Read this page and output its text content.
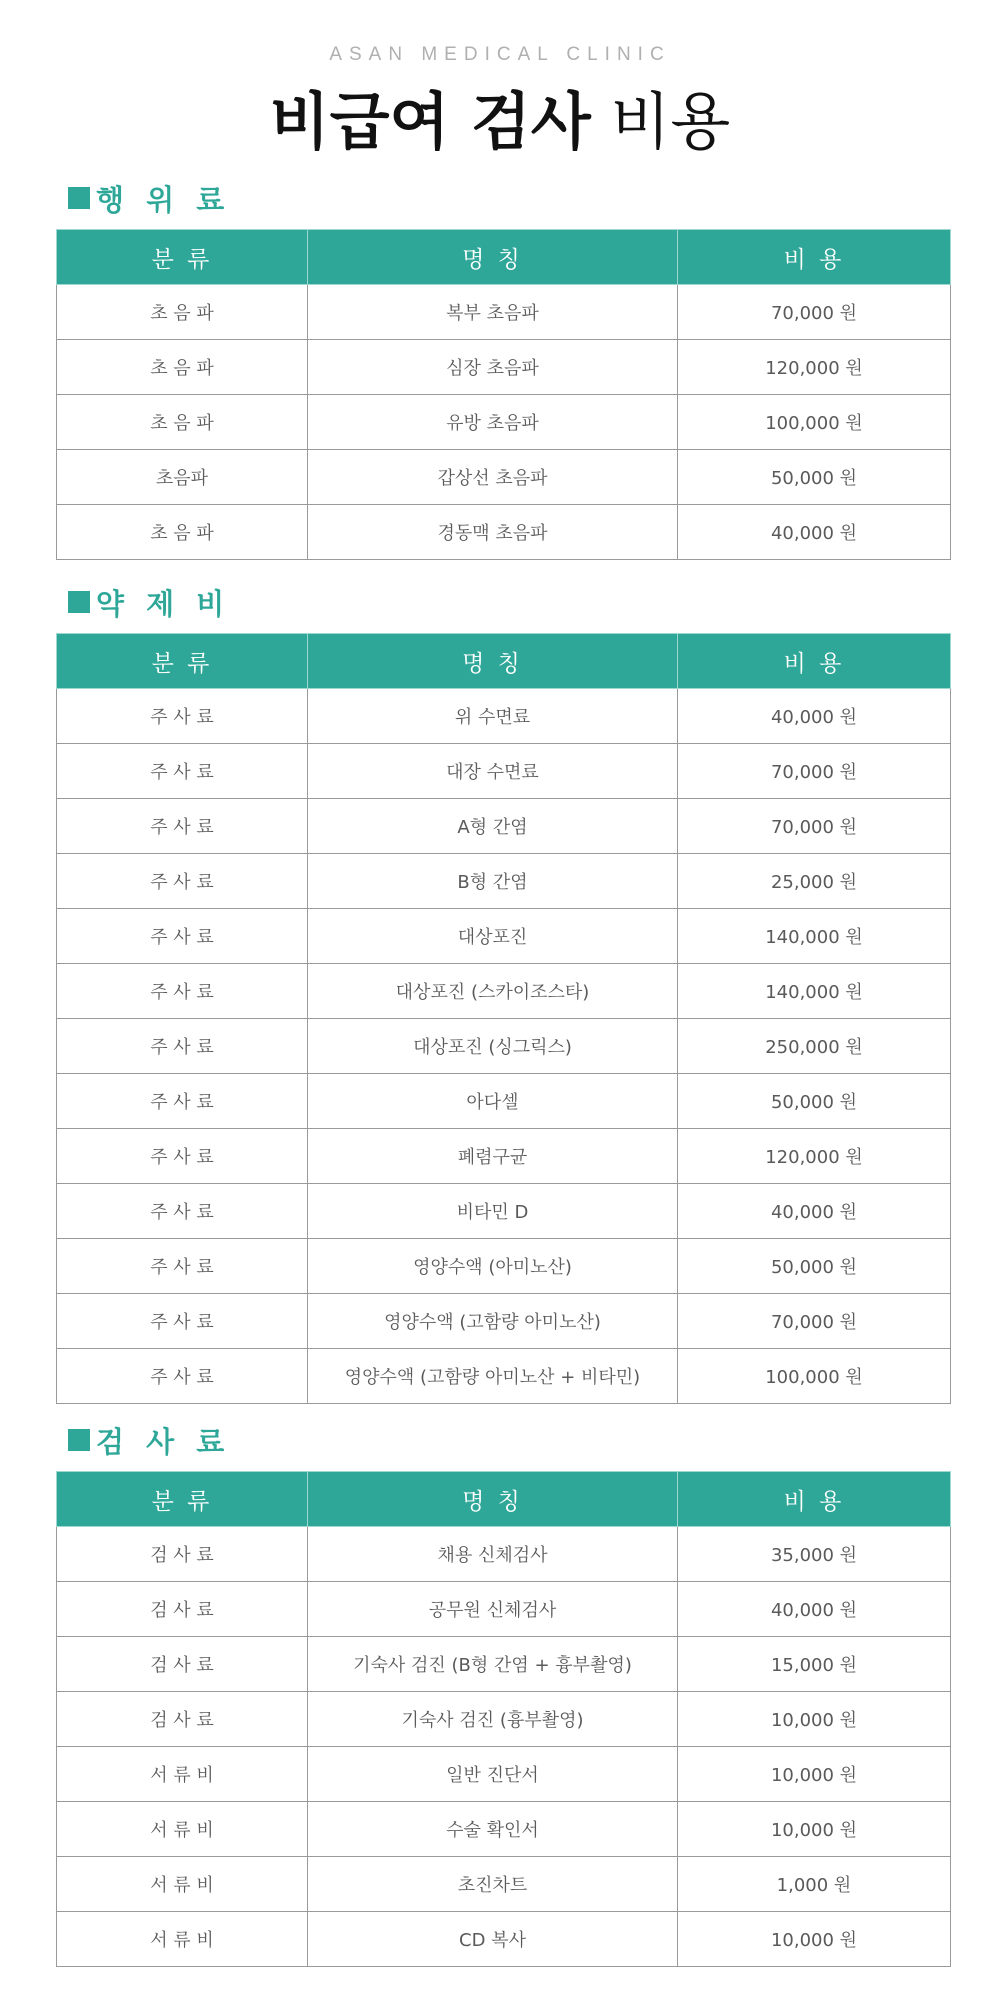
ASAN MEDICAL CLINIC
비급여 검사 비용
행 위 료
분 류	명 칭	비 용
초 음 파	복부 초음파	70,000 원
초 음 파	심장 초음파	120,000 원
초 음 파	유방 초음파	100,000 원
초음파	갑상선 초음파	50,000 원
초 음 파	경동맥 초음파	40,000 원
약 제 비
분 류	명 칭	비 용
주 사 료	위 수면료	40,000 원
주 사 료	대장 수면료	70,000 원
주 사 료	A형 간염	70,000 원
주 사 료	B형 간염	25,000 원
주 사 료	대상포진	140,000 원
주 사 료	대상포진 (스카이조스타)	140,000 원
주 사 료	대상포진 (싱그릭스)	250,000 원
주 사 료	아다셀	50,000 원
주 사 료	폐렴구균	120,000 원
주 사 료	비타민 D	40,000 원
주 사 료	영양수액 (아미노산)	50,000 원
주 사 료	영양수액 (고함량 아미노산)	70,000 원
주 사 료	영양수액 (고함량 아미노산 + 비타민)	100,000 원
검 사 료
분 류	명 칭	비 용
검 사 료	채용 신체검사	35,000 원
검 사 료	공무원 신체검사	40,000 원
검 사 료	기숙사 검진 (B형 간염 + 흉부촬영)	15,000 원
검 사 료	기숙사 검진 (흉부촬영)	10,000 원
서 류 비	일반 진단서	10,000 원
서 류 비	수술 확인서	10,000 원
서 류 비	초진차트	1,000 원
서 류 비	CD 복사	10,000 원
